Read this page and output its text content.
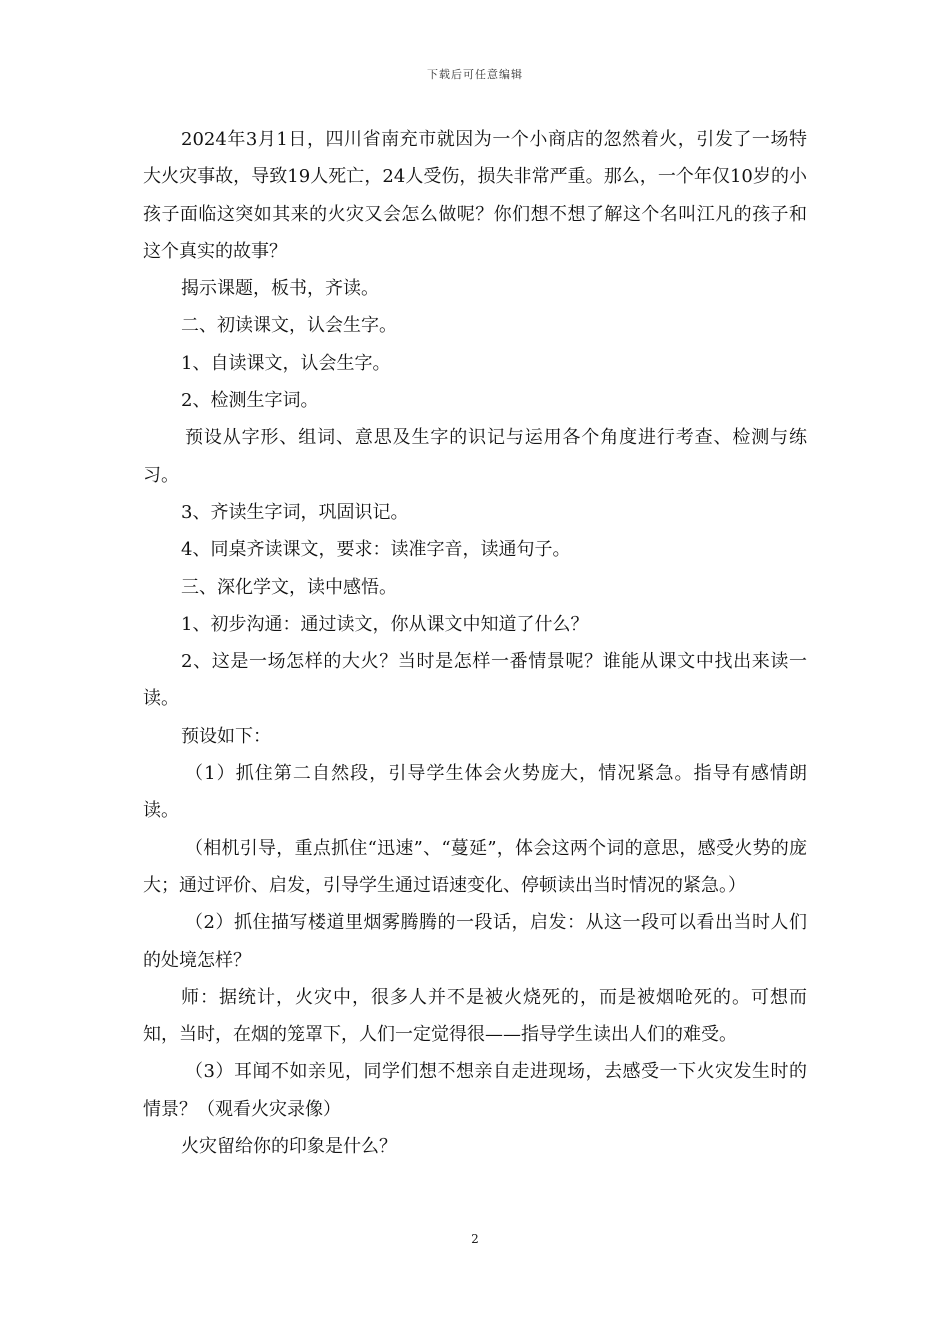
下载后可任意编辑

2024年3月1日，四川省南充市就因为一个小商店的忽然着火，引发了一场特大火灾事故，导致19人死亡，24人受伤，损失非常严重。那么，一个年仅10岁的小孩子面临这突如其来的火灾又会怎么做呢？你们想不想了解这个名叫江凡的孩子和这个真实的故事？

揭示课题，板书，齐读。

二、初读课文，认会生字。

1、自读课文，认会生字。

2、检测生字词。

预设从字形、组词、意思及生字的识记与运用各个角度进行考查、检测与练习。

3、齐读生字词，巩固识记。

4、同桌齐读课文，要求：读准字音，读通句子。

三、深化学文，读中感悟。

1、初步沟通：通过读文，你从课文中知道了什么？

2、这是一场怎样的大火？当时是怎样一番情景呢？谁能从课文中找出来读一读。

预设如下：

（1）抓住第二自然段，引导学生体会火势庞大，情况紧急。指导有感情朗读。

（相机引导，重点抓住“迅速”、“蔓延”，体会这两个词的意思，感受火势的庞大；通过评价、启发，引导学生通过语速变化、停顿读出当时情况的紧急。）

（2）抓住描写楼道里烟雾腾腾的一段话，启发：从这一段可以看出当时人们的处境怎样？

师：据统计，火灾中，很多人并不是被火烧死的，而是被烟呛死的。可想而知，当时，在烟的笼罩下，人们一定觉得很——指导学生读出人们的难受。

（3）耳闻不如亲见，同学们想不想亲自走进现场，去感受一下火灾发生时的情景？（观看火灾录像）

火灾留给你的印象是什么？

2
